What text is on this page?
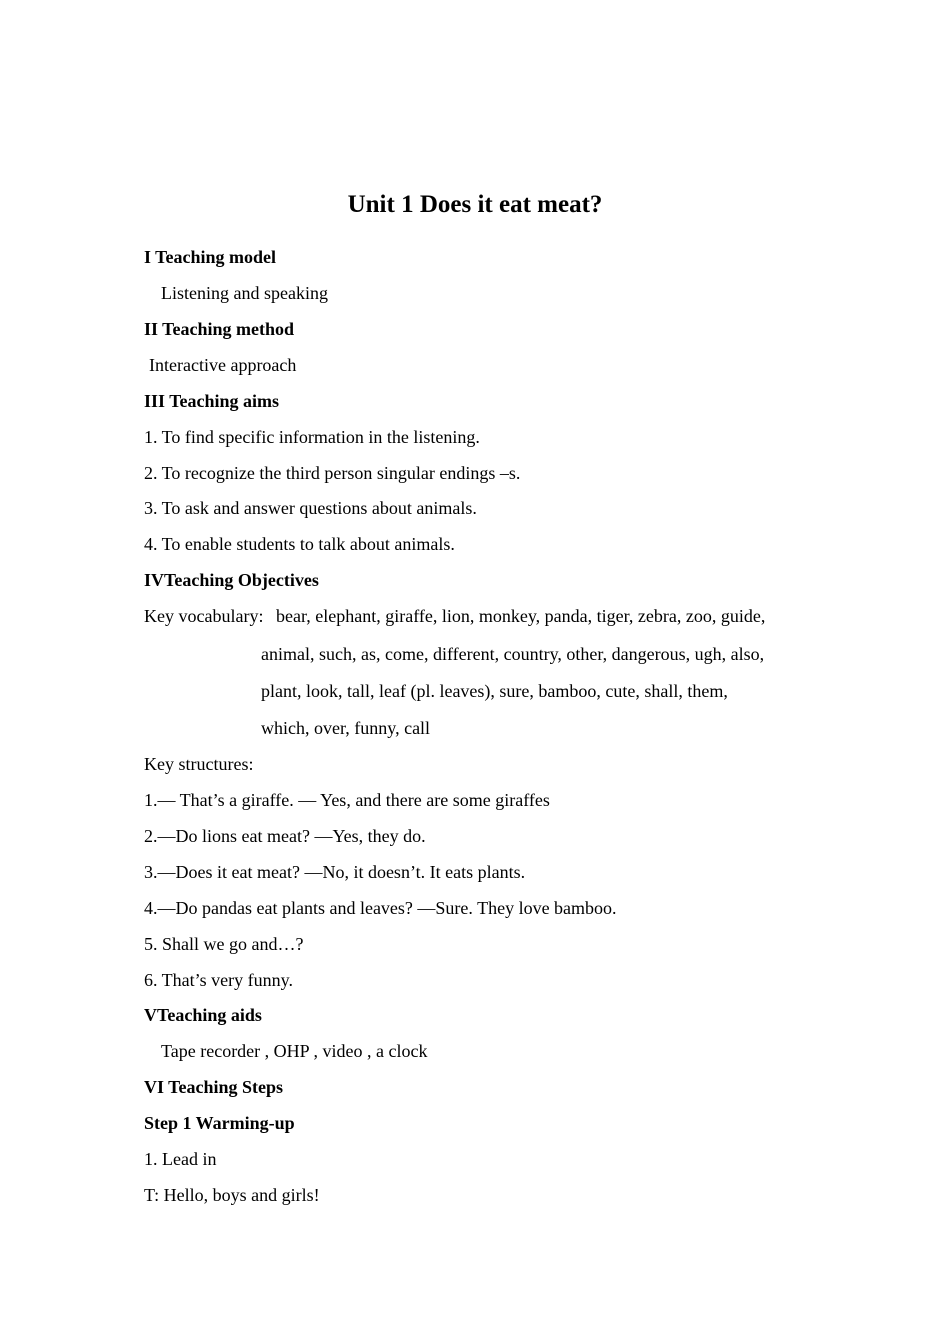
Unit 1 Does it eat meat?
I Teaching model
Listening and speaking
II Teaching method
Interactive approach
III Teaching aims
1. To find specific information in the listening.
2. To recognize the third person singular endings –s.
3. To ask and answer questions about animals.
4. To enable students to talk about animals.
IVTeaching Objectives
Key vocabulary: bear, elephant, giraffe, lion, monkey, panda, tiger, zebra, zoo, guide,
animal, such, as, come, different, country, other, dangerous, ugh, also,
plant, look, tall, leaf (pl. leaves), sure, bamboo, cute, shall, them,
which, over, funny, call
Key structures:
1.— That’s a giraffe. — Yes, and there are some giraffes
2.—Do lions eat meat? —Yes, they do.
3.—Does it eat meat? —No, it doesn’t. It eats plants.
4.—Do pandas eat plants and leaves? —Sure. They love bamboo.
5. Shall we go and…?
6. That’s very funny.
VTeaching aids
Tape recorder , OHP , video , a clock
VI Teaching Steps
Step 1 Warming-up
1. Lead in
T: Hello, boys and girls!
